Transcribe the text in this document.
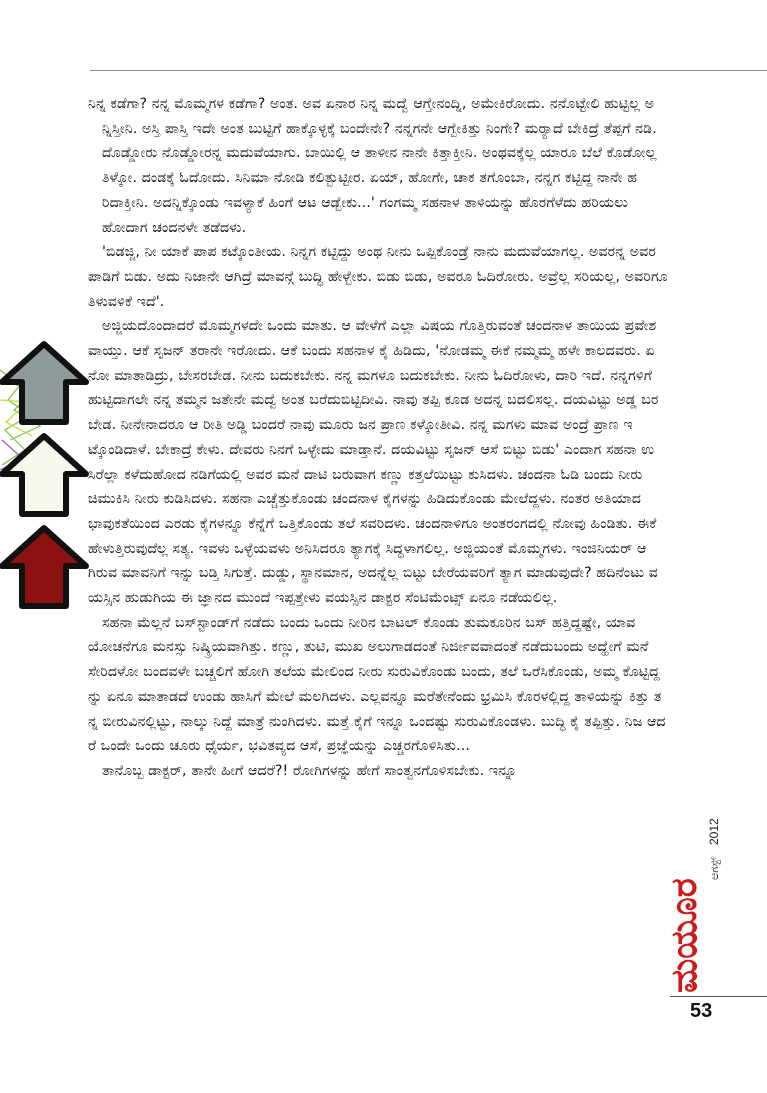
ನಿನ್ನ ಕಡೆಗಾ? ನನ್ನ ಮೊಮ್ಮಗಳ ಕಡೆಗಾ? ಅಂತ. ಅವ ಏನಾರ ನಿನ್ನ ಮದ್ವೆ ಆಗ್ತೇನಂದ್ನಿ, ಅಮೇಕಿರೋದು. ನನೊಟ್ಟೇಲಿ ಹುಟ್ಟಿಲ್ಲ ಅನ್ನಿಸ್ತೀನಿ. ಅಸ್ತಿ ಪಾಸ್ತಿ ಇದೇ ಅಂತ ಬುಟ್ಟಿಗೆ ಹಾಕ್ಕೊಳ್ಳಕ್ಕೆ ಬಂದೇನೇ? ನನ್ನಗನೇ ಆಗ್ಬೇಕಿತ್ತು ನಿಂಗೇ? ಮರ್‍ಯಾದೆ ಬೇಕಿದ್ರೆ ತೆಪ್ಪಗೆ ನಡಿ. ದೊಡ್ಡೋರು ನೊಡ್ಡೋರನ್ನ ಮದುವೆಯಾಗು. ಬಾಯಿಲ್ಲಿ ಆ ತಾಳೀನ ನಾನೇ ಕಿತ್ತಾಕ್ತೀನಿ. ಅಂಥವಕ್ಕೆಲ್ಲ ಯಾರೂ ಬೆಲೆ ಕೊಡೋಲ್ಲ ತಿಳ್ಕೋ. ದಂಡಕ್ಕೆ ಓದೋದು. ಸಿನಿಮಾ ನೋಡಿ ಕಲಿತ್ಬುಟ್ಟೀರ. ಏಯ್, ಹೋಗೇ, ಚಾಕ ತಗೊಂಬಾ, ನನ್ನಗ ಕಟ್ಟಿದ್ದ ನಾನೇ ಹರಿದಾಕ್ತೀನಿ. ಅದನ್ನಿಕ್ಕೊಂಡು ಇವಳ್ಯಾಕೆ ಹಿಂಗೆ ಆಟ ಆಡ್ಬೇಕು...' ಗಂಗಮ್ಮ ಸಹನಾಳ ತಾಳಿಯನ್ನು ಹೊರಗೆಳೆದು ಹರಿಯಲು ಹೋದಾಗ ಚಂದನಳೇ ತಡೆದಳು.

'ಬಿಡಜ್ಜಿ, ನೀ ಯಾಕೆ ಪಾಪ ಕಟ್ಕೊಂತೀಯ. ನಿನ್ನಗ ಕಟ್ಟಿದ್ದು ಅಂಥ ನೀನು ಒಪ್ಪಿಕೊಂಡ್ರೆ ನಾನು ಮದುವೆಯಾಗಲ್ಲ. ಅವರನ್ನ ಅವರ ಪಾಡಿಗೆ ಬಿಡು. ಅದು ನಿಜಾನೇ ಆಗಿದ್ರೆ ಮಾವನ್ಗೆ ಬುದ್ಧಿ ಹೇಳ್ಬೇಕು. ಬಿಡು ಬಿಡು, ಅವರೂ ಓದಿರೋರು. ಅವ್ರೆಲ್ಲ ಸರಿಯಲ್ಲ, ಅವರಿಗೂ ತಿಳುವಳಿಕೆ ಇದೆ'.

ಅಜ್ಜಿಯದೊಂದಾದರೆ ಮೊಮ್ಮಗಳದೇ ಒಂದು ಮಾತು. ಆ ವೇಳೆಗೆ ಎಲ್ಲಾ ವಿಷಯ ಗೊತ್ತಿರುವಂತೆ ಚಂದನಾಳ ತಾಯಿಯ ಪ್ರವೇಶವಾಯ್ತು. ಆಕೆ ಸೃಜನ್ ತರಾನೇ ಇರೋದು. ಆಕೆ ಬಂದು ಸಹನಾಳ ಕೈ ಹಿಡಿದು, 'ನೋಡಮ್ಮ ಈಕೆ ನಮ್ಮಮ್ಮ ಹಳೇ ಕಾಲದವರು. ಏನೋ ಮಾತಾಡಿದ್ರು, ಬೇಸರಬೇಡ. ನೀನು ಬದುಕಬೇಕು. ನನ್ನ ಮಗಳೂ ಬದುಕಬೇಕು. ನೀನು ಓದಿರೋಳು, ದಾರಿ ಇದೆ. ನನ್ನಗಳಿಗೆ ಹುಟ್ಟಿದಾಗಲೇ ನನ್ನ ತಮ್ಮನ ಜತೇನೇ ಮದ್ವೆ ಅಂತ ಬರೆದುಬಿಟ್ಟಿದೀವಿ. ನಾವು ತಪ್ಪಿ ಕೂಡ ಅದನ್ನ ಬದಲಿಸಲ್ಲ. ದಯವಿಟ್ಟು ಅಡ್ಡ ಬರಬೇಡ. ನೀನೇನಾದರೂ ಆ ರೀತಿ ಅಡ್ಡಿ ಬಂದರೆ ನಾವು ಮೂರು ಜನ ಪ್ರಾಣ ಕಳ್ಕೋತೀವಿ. ನನ್ನ ಮಗಳು ಮಾವ ಅಂದ್ರೆ ಪ್ರಾಣ ಇಟ್ಕೊಂಡಿದಾಳೆ. ಬೇಕಾದ್ರೆ ಕೇಳು. ದೇವರು ನಿನಗೆ ಒಳ್ಳೇದು ಮಾಡ್ತಾನೆ. ದಯವಿಟ್ಟು ಸೃಜನ್ ಆಸೆ ಬಿಟ್ಟು ಬಿಡು' ಎಂದಾಗ ಸಹನಾ ಉಸಿರೆಲ್ಲಾ ಕಳೆದುಹೋದ ನಡಿಗೆಯಲ್ಲಿ ಅವರ ಮನೆ ದಾಟಿ ಬರುವಾಗ ಕಣ್ಣು ಕತ್ತಲೆಯಿಟ್ಟು ಕುಸಿದಳು. ಚಂದನಾ ಓಡಿ ಬಂದು ನೀರು ಚಿಮುಕಿಸಿ ನೀರು ಕುಡಿಸಿದಳು. ಸಹನಾ ಎಚ್ಚೆತ್ತುಕೊಂಡು ಚಂದನಾಳ ಕೈಗಳನ್ನು ಹಿಡಿದುಕೊಂಡು ಮೇಲೆದ್ದಳು. ನಂತರ ಅತಿಯಾದ ಭಾವುಕತೆಯಿಂದ ಎರಡು ಕೈಗಳನ್ನೂ ಕೆನ್ನೆಗೆ ಒತ್ತಿಕೊಂಡು ತಲೆ ಸವರಿದಳು. ಚಂದನಾಳಿಗೂ ಅಂತರಂಗದಲ್ಲಿ ನೋವು ಹಿಂಡಿತು. ಈಕೆ ಹೇಳುತ್ತಿರುವುದೆಲ್ಲ ಸತ್ಯ. ಇವಳು ಒಳ್ಳೆಯವಳು ಅನಿಸಿದರೂ ತ್ಯಾಗಕ್ಕೆ ಸಿದ್ಧಳಾಗಲಿಲ್ಲ. ಅಜ್ಜಿಯಂತೆ ಮೊಮ್ಮಗಳು. ಇಂಜಿನಿಯರ್ ಆಗಿರುವ ಮಾವನಿಗೆ ಇನ್ನು ಬಡ್ತಿ ಸಿಗುತ್ತೆ. ದುಡ್ಡು, ಸ್ಥಾನಮಾನ, ಅದನ್ನೆಲ್ಲ ಬಿಟ್ಟು ಬೇರೆಯವರಿಗೆ ತ್ಯಾಗ ಮಾಡುವುದೇ? ಹದಿನೆಂಟು ವಯಸ್ಸಿನ ಹುಡುಗಿಯ ಈ ಜ್ಞಾನದ ಮುಂದೆ ಇಪ್ಪತ್ತೇಳು ವಯಸ್ಸಿನ ಡಾಕ್ಟರ ಸೆಂಟಿಮೆಂಟ್ಸ್ ಏನೂ ನಡೆಯಲಿಲ್ಲ.

ಸಹನಾ ಮೆಲ್ಲನೆ ಬಸ್‌ಸ್ಟಾಂಡ್‌ಗೆ ನಡೆದು ಬಂದು ಒಂದು ನೀರಿನ ಬಾಟಲ್ ಕೊಂಡು ತುಮಕೂರಿನ ಬಸ್ ಹತ್ತಿದ್ದಷ್ಟೇ, ಯಾವ ಯೋಚನೆಗೂ ಮನಸ್ಸು ನಿಷ್ಕ್ರಿಯವಾಗಿತ್ತು. ಕಣ್ಣು, ತುಟಿ, ಮುಖ ಅಲುಗಾಡದಂತೆ ನಿರ್ಜೀವವಾದಂತೆ ನಡೆದುಬಂದು ಅದ್ಹೇಗೆ ಮನೆ ಸೇರಿದಳೋ ಬಂದವಳೇ ಬಚ್ಚಲಿಗೆ ಹೋಗಿ ತಲೆಯ ಮೇಲಿಂದ ನೀರು ಸುರುವಿಕೊಂಡು ಬಂದು, ತಲೆ ಒರೆಸಿಕೊಂಡು, ಅಮ್ಮ ಕೊಟ್ಟಿದ್ದನ್ನು ಏನೂ ಮಾತಾಡದೆ ಉಂಡು ಹಾಸಿಗೆ ಮೇಲೆ ಮಲಗಿದಳು. ಎಲ್ಲವನ್ನೂ ಮರೆತೇನೆಂದು ಭ್ರಮಿಸಿ ಕೊರಳಲ್ಲಿದ್ದ ತಾಳಿಯನ್ನು ಕಿತ್ತು ತನ್ನ ಬೀರುವಿನಲ್ಲಿಟ್ಟು, ನಾಲ್ಕು ನಿದ್ದೆ ಮಾತ್ರೆ ನುಂಗಿದಳು. ಮತ್ತೆ ಕೈಗೆ ಇನ್ನೂ ಒಂದಷ್ಟು ಸುರುವಿಕೊಂಡಳು. ಬುದ್ಧಿ ಕೈ ತಪ್ಪಿತ್ತು. ನಿಜ ಆದರೆ ಒಂದೇ ಒಂದು ಚೂರು ಧೈರ್ಯ, ಭವಿತವ್ಯದ ಆಸೆ, ಪ್ರಜ್ಞೆಯನ್ನು ಎಚ್ಚರಗೊಳಿಸಿತು...

ತಾನೊಬ್ಬ ಡಾಕ್ಟರ್, ತಾನೇ ಹೀಗೆ ಆದರೆ?! ರೋಗಿಗಳನ್ನು ಹೇಗೆ ಸಾಂತ್ವನಗೊಳಿಸಬೇಕು. ಇನ್ನೂ

ಮಯೂರ
ಆಗಸ್ಟ್
2012
53
